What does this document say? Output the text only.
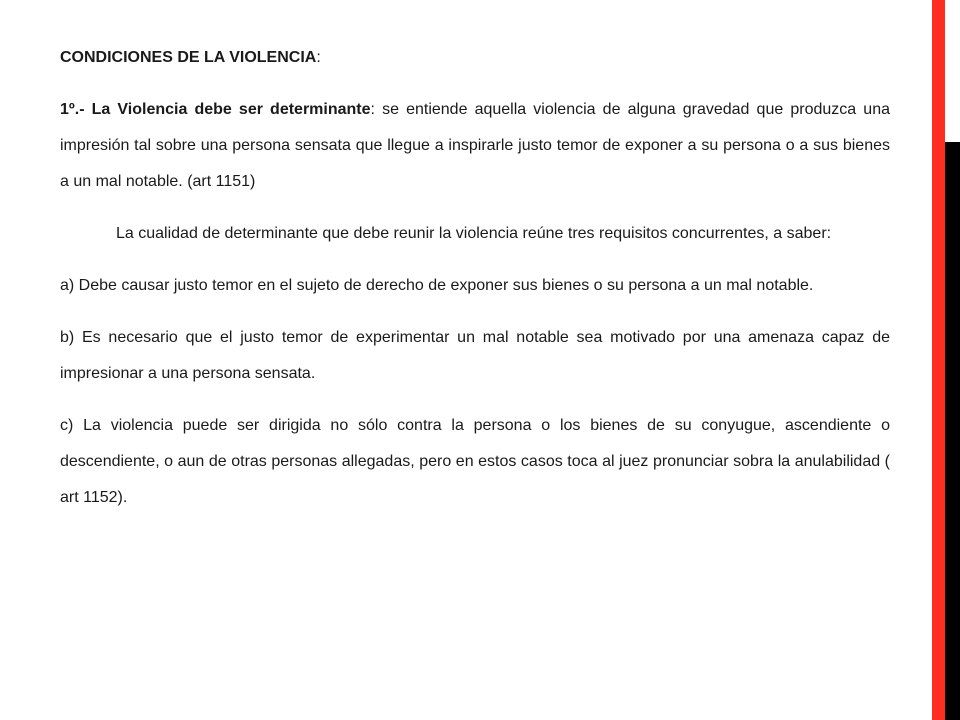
CONDICIONES DE LA VIOLENCIA:

1º.- La Violencia debe ser determinante: se entiende aquella violencia de alguna gravedad que produzca una impresión tal sobre una persona sensata que llegue a inspirarle justo temor de exponer a su persona o a sus bienes a un mal notable. (art 1151)

La cualidad de determinante que debe reunir la violencia reúne tres requisitos concurrentes, a saber:

a) Debe causar justo temor en el sujeto de derecho de exponer sus bienes o su persona a un mal notable.

b) Es necesario que el justo temor de experimentar un mal notable sea motivado por una amenaza capaz de impresionar a una persona sensata.

c) La violencia puede ser dirigida no sólo contra la persona o los bienes de su conyugue, ascendiente o descendiente, o aun de otras personas allegadas, pero en estos casos toca al juez pronunciar sobra la anulabilidad ( art 1152).
